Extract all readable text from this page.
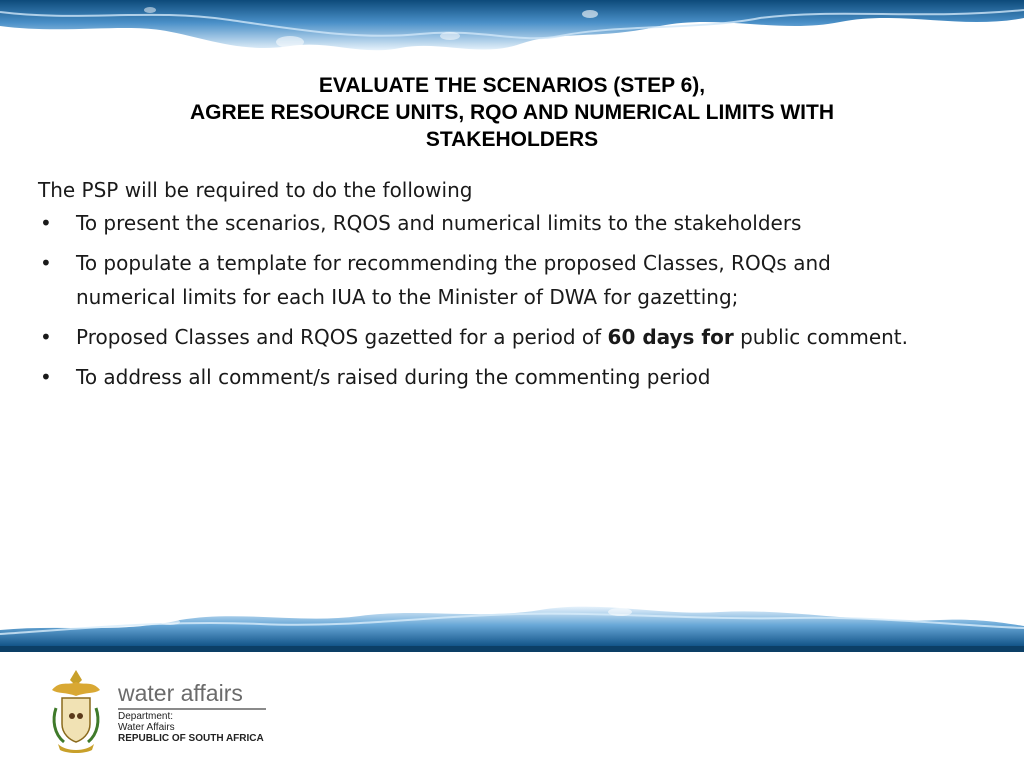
EVALUATE THE SCENARIOS (STEP 6),
AGREE RESOURCE UNITS, RQO AND NUMERICAL LIMITS WITH
STAKEHOLDERS

The PSP will be required to do the following

•	To present the scenarios, RQOS and numerical limits to the stakeholders
•	To populate a template for recommending the proposed Classes, ROQs and numerical limits for each IUA to the Minister of DWA for gazetting;
•	Proposed Classes and RQOS gazetted for a period of 60 days for public comment.
•	To address all comment/s raised during the commenting period
water affairs
Department:
Water Affairs
REPUBLIC OF SOUTH AFRICA
